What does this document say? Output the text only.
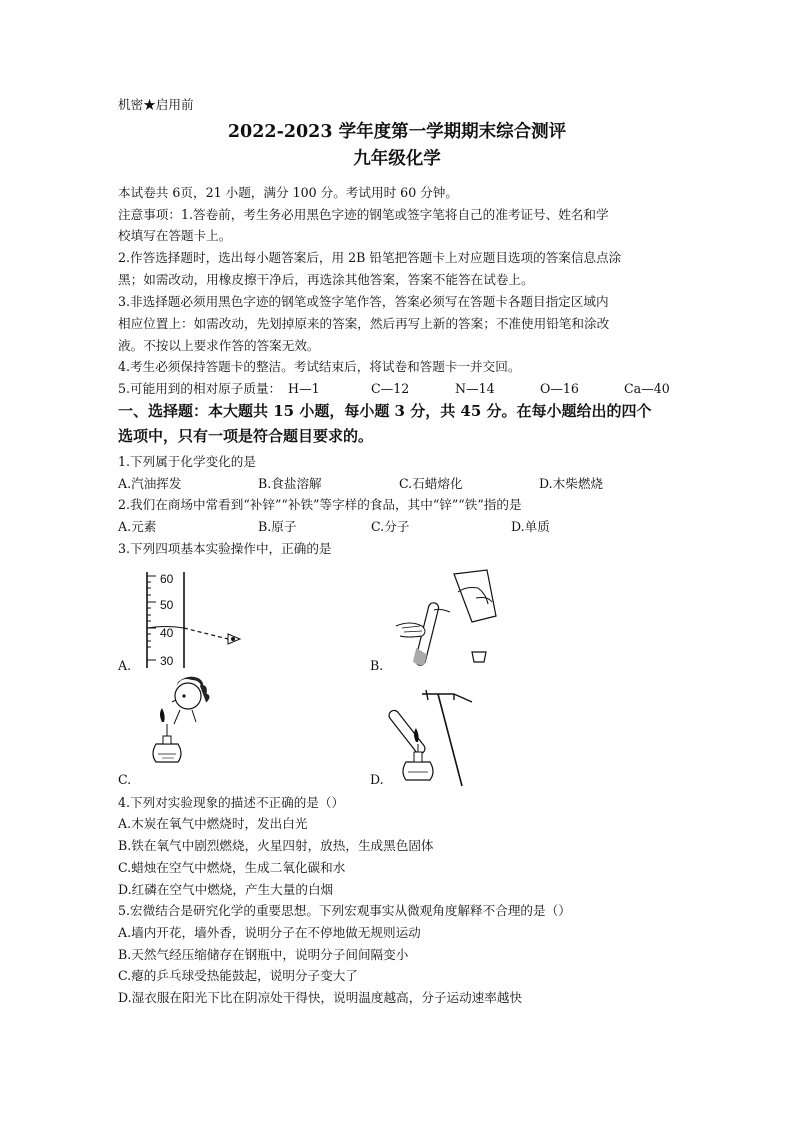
机密★启用前
2022-2023 学年度第一学期期末综合测评
九年级化学
本试卷共 6页，21 小题，满分 100 分。考试用时 60 分钟。
注意事项：1.答卷前，考生务必用黑色字迹的钢笔或签字笔将自己的准考证号、姓名和学
校填写在答题卡上。
2.作答选择题时，选出每小题答案后，用 2B 铅笔把答题卡上对应题目选项的答案信息点涂
黑；如需改动，用橡皮擦干净后，再选涂其他答案，答案不能答在试卷上。
3.非选择题必须用黑色字迹的钢笔或签字笔作答，答案必须写在答题卡各题目指定区域内
相应位置上：如需改动，先划掉原来的答案，然后再写上新的答案；不准使用铅笔和涂改
液。不按以上要求作答的答案无效。
4.考生必须保持答题卡的整洁。考试结束后，将试卷和答题卡一并交回。
5.可能用到的相对原子质量： H—1	C—12	N—14	O—16	Ca—40
一、选择题：本大题共 15 小题，每小题 3 分，共 45 分。在每小题给出的四个
选项中，只有一项是符合题目要求的。
1.下列属于化学变化的是
A.汽油挥发	B.食盐溶解	C.石蜡熔化	D.木柴燃烧
2.我们在商场中常看到“补锌”“补铁”等字样的食品，其中“锌”“铁”指的是
A.元素	B.原子	C.分子	D.单质
3.下列四项基本实验操作中，正确的是
60
50
40
30
A.	B.
C.	D.
4.下列对实验现象的描述不正确的是（）
A.木炭在氧气中燃烧时，发出白光
B.铁在氧气中剧烈燃烧，火星四射，放热，生成黑色固体
C.蜡烛在空气中燃烧，生成二氧化碳和水
D.红磷在空气中燃烧，产生大量的白烟
5.宏微结合是研究化学的重要思想。下列宏观事实从微观角度解释不合理的是（）
A.墙内开花，墙外香，说明分子在不停地做无规则运动
B.天然气经压缩储存在钢瓶中，说明分子间间隔变小
C.瘪的乒乓球受热能鼓起，说明分子变大了
D.湿衣服在阳光下比在阴凉处干得快，说明温度越高，分子运动速率越快
